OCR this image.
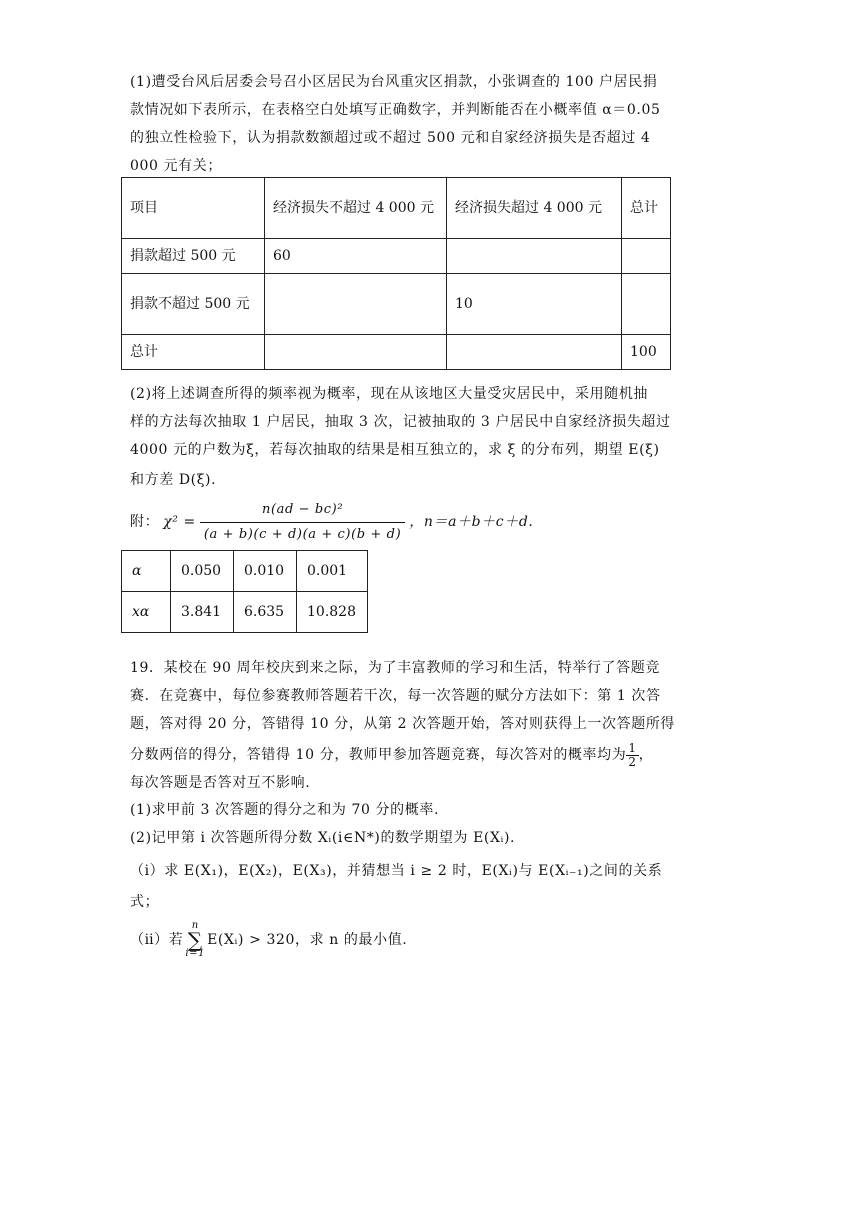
(1)遭受台风后居委会号召小区居民为台风重灾区捐款，小张调查的 100 户居民捐
款情况如下表所示，在表格空白处填写正确数字，并判断能否在小概率值 α＝0.05
的独立性检验下，认为捐款数额超过或不超过 500 元和自家经济损失是否超过 4
000 元有关；
项目	经济损失不超过 4 000 元	经济损失超过 4 000 元	总计
捐款超过 500 元	60		
捐款不超过 500 元		10	
总计			100
(2)将上述调查所得的频率视为概率，现在从该地区大量受灾居民中，采用随机抽
样的方法每次抽取 1 户居民，抽取 3 次，记被抽取的 3 户居民中自家经济损失超过
4000 元的户数为ξ，若每次抽取的结果是相互独立的，求 ξ 的分布列，期望 E(ξ)
和方差 D(ξ).
附： $\chi^2 = \frac{\text{n(ad − bc)²}}{(a + b)(c + d)(a + c)(b + d)}$ ，n＝a＋b＋c＋d.
α	0.050	0.010	0.001
xα	3.841	6.635	10.828
19．某校在 90 周年校庆到来之际，为了丰富教师的学习和生活，特举行了答题竞
赛．在竞赛中，每位参赛教师答题若干次，每一次答题的赋分方法如下：第 1 次答
题，答对得 20 分，答错得 10 分，从第 2 次答题开始，答对则获得上一次答题所得
分数两倍的得分，答错得 10 分，教师甲参加答题竞赛，每次答对的概率均为 $\frac{1}{2}$ ，
每次答题是否答对互不影响.
(1)求甲前 3 次答题的得分之和为 70 分的概率.
(2)记甲第 i 次答题所得分数 Xᵢ(i∈N*)的数学期望为 E(Xᵢ).
（ⅰ）求 E(X₁)，E(X₂)，E(X₃)，并猜想当 i ≥ 2 时，E(Xᵢ)与 E(Xᵢ₋₁)之间的关系
式；
（ⅱ）若
n
∑
i=1
E(Xᵢ) > 320，求 n 的最小值.
